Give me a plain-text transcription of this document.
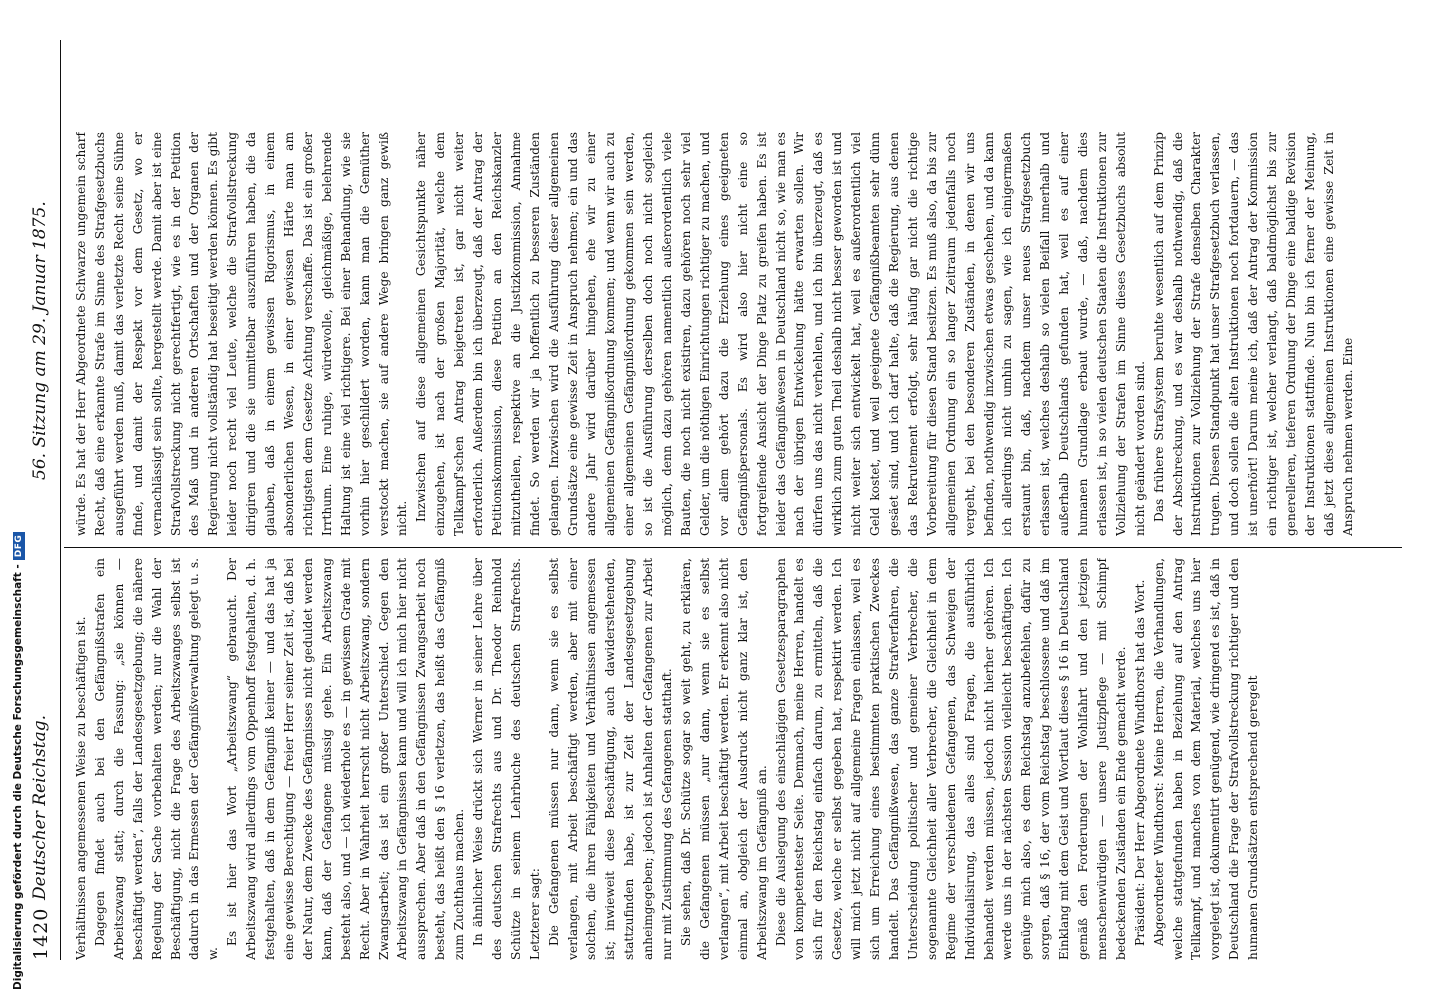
1420
Deutscher Reichstag.
56. Sitzung am 29. Januar 1875.

Verhältnissen angemessenen Weise zu beschäftigen ist. Dagegen findet auch bei den Gefängnißstrafen ein Arbeitszwang statt; durch die Fassung: „sie können — beschäftigt werden“, falls der Landesgesetzgebung; die nähere Regelung der Sache vorbehalten werden; nur die Wahl der Beschäftigung, nicht die Frage des Arbeitszwanges selbst ist dadurch in das Ermessen der Gefängnißverwaltung gelegt u. s. w.

Es ist hier das Wort „Arbeitszwang“ gebraucht. Der Arbeitszwang wird allerdings vom Oppenhoff festgehalten, d. h. festgehalten, daß in dem Gefängniß keiner — und das hat ja eine gewisse Berechtigung — freier Herr seiner Zeit ist, daß bei der Natur, dem Zwecke des Gefängnisses nicht geduldet werden kann, daß der Gefangene müssig gehe. Ein Arbeitszwang besteht also, und — ich wiederhole es — in gewissem Grade mit Recht. Aber in Wahrheit herrscht nicht Arbeitszwang, sondern Zwangsarbeit; das ist ein großer Unterschied. Gegen den Arbeitszwang in Gefängnissen kann und will ich mich hier nicht aussprechen. Aber daß in den Gefängnissen Zwangsarbeit noch besteht, das heißt den § 16 verletzen, das heißt das Gefängniß zum Zuchthaus machen. In ähnlicher Weise drückt sich Werner in seiner Lehre über des deutschen Strafrechts aus und Dr. Theodor Reinhold Schütze in seinem Lehrbuche des deutschen Strafrechts. Letzterer sagt: Die Gefangenen müssen nur dann, wenn sie es selbst verlangen, mit Arbeit beschäftigt werden, aber mit einer solchen, die ihren Fähigkeiten und Verhältnissen angemessen ist; inwieweit diese Beschäftigung, auch dawiderstehenden, stattzufinden habe, ist zur Zeit der Landesgesetzgebung anheimgegeben; jedoch ist Anhalten der Gefangenen zur Arbeit nur mit Zustimmung des Gefangenen statthaft. Sie sehen, daß Dr. Schütze sogar so weit geht, zu erklären, die Gefangenen müssen „nur dann, wenn sie es selbst verlangen“, mit Arbeit beschäftigt werden. Er erkennt also nicht einmal an, obgleich der Ausdruck nicht ganz klar ist, den Arbeitszwang im Gefängniß an. Diese die Auslegung des einschlägigen Gesetzesparagraphen von kompetentester Seite. Demnach, meine Herren, handelt es sich für den Reichstag einfach darum, zu ermitteln, daß die Gesetze, welche er selbst gegeben hat, respektirt werden. Ich will mich jetzt nicht auf allgemeine Fragen einlassen, weil es sich um Erreichung eines bestimmten praktischen Zweckes handelt. Das Gefängnißwesen, das ganze Strafverfahren, die Unterscheidung politischer und gemeiner Verbrecher, die sogenannte Gleichheit aller Verbrecher, die Gleichheit in dem Regime der verschiedenen Gefangenen, das Schweigen der Individualisirung, das alles sind Fragen, die ausführlich behandelt werden müssen, jedoch nicht hierher gehören. Ich werde uns in der nächsten Session vielleicht beschäftigen. Ich genüge mich also, es dem Reichstag anzubefehlen, dafür zu sorgen, daß § 16, der vom Reichstag beschlossene und daß im Einklang mit dem Geist und Wortlaut dieses § 16 in Deutschland gemäß den Forderungen der Wohlfahrt und den jetzigen menschenwürdigen — unsere Justizpflege — mit Schimpf bedeckenden Zuständen ein Ende gemacht werde. Präsident: Der Herr Abgeordnete Windthorst hat das Wort. Abgeordneter Windthorst: Meine Herren, die Verhandlungen, welche stattgefunden haben in Beziehung auf den Antrag Tellkampf, und manches von dem Material, welches uns hier vorgelegt ist, dokumentirt genügend, wie dringend es ist, daß in Deutschland die Frage der Strafvollstreckung richtiger und den humanen Grundsätzen entsprechend geregelt

würde. Es hat der Herr Abgeordnete Schwarze ungemein scharf Recht, daß eine erkannte Strafe im Sinne des Strafgesetzbuchs ausgeführt werden muß, damit das verletzte Recht seine Sühne finde, und damit der Respekt vor dem Gesetz, wo er vernachlässigt sein sollte, hergestellt werde. Damit aber ist eine Strafvollstreckung nicht gerechtfertigt, wie es in der Petition des Maß und in anderen Ortschaften und der Organen der Regierung nicht vollständig hat beseitigt werden können. Es gibt leider noch recht viel Leute, welche die Strafvollstreckung dirigiren und die sie unmittelbar auszuführen haben, die da glauben, daß in einem gewissen Rigorismus, in einem absonderlichen Wesen, in einer gewissen Härte man am richtigsten dem Gesetze Achtung verschaffe. Das ist ein großer Irrthum. Eine ruhige, würdevolle, gleichmäßige, belehrende Haltung ist eine viel richtigere. Bei einer Behandlung, wie sie vorhin hier geschildert worden, kann man die Gemüther verstockt machen, sie auf andere Wege bringen ganz gewiß nicht. Inzwischen auf diese allgemeinen Gesichtspunkte näher einzugehen, ist nach der großen Majorität, welche dem Tellkampf'schen Antrag beigetreten ist, gar nicht weiter erforderlich. Außerdem bin ich überzeugt, daß der Antrag der Petitionskommission, diese Petition an den Reichskanzler mitzutheilen, respektive an die Justizkommission, Annahme findet. So werden wir ja hoffentlich zu besseren Zuständen gelangen. Inzwischen wird die Ausführung dieser allgemeinen Grundsätze eine gewisse Zeit in Anspruch nehmen; ein und das andere Jahr wird darüber hingehen, ehe wir zu einer allgemeinen Gefängnißordnung kommen; und wenn wir auch zu einer allgemeinen Gefängnißordnung gekommen sein werden, so ist die Ausführung derselben doch noch nicht sogleich möglich, denn dazu gehören namentlich außerordentlich viele Bauten, die noch nicht existiren, dazu gehören noch sehr viel Gelder, um die nöthigen Einrichtungen richtiger zu machen, und vor allem gehört dazu die Erziehung eines geeigneten Gefängnißpersonals. Es wird also hier nicht eine so fortgreifende Ansicht der Dinge Platz zu greifen haben. Es ist leider das Gefängnißwesen in Deutschland nicht so, wie man es nach der übrigen Entwickelung hätte erwarten sollen. Wir dürfen uns das nicht verhehlen, und ich bin überzeugt, daß es wirklich zum guten Theil deshalb nicht besser geworden ist und nicht weiter sich entwickelt hat, weil es außerordentlich viel Geld kostet, und weil geeignete Gefängnißbeamten sehr dünn gesäet sind, und ich darf halte, daß die Regierung, aus denen das Rekrutement erfolgt, sehr häufig gar nicht die richtige Vorbereitung für diesen Stand besitzen. Es muß also, da bis zur allgemeinen Ordnung ein so langer Zeitraum jedenfalls noch vergeht, bei den besonderen Zuständen, in denen wir uns befinden, nothwendig inzwischen etwas geschehen, und da kann ich allerdings nicht umhin zu sagen, wie ich einigermaßen erstaunt bin, daß, nachdem unser neues Strafgesetzbuch erlassen ist, welches deshalb so vielen Beifall innerhalb und außerhalb Deutschlands gefunden hat, weil es auf einer humanen Grundlage erbaut wurde, — daß, nachdem dies erlassen ist, in so vielen deutschen Staaten die Instruktionen zur Vollziehung der Strafen im Sinne dieses Gesetzbuchs absolut nicht geändert worden sind. Das frühere Strafsystem beruhte wesentlich auf dem Prinzip der Abschreckung, und es war deshalb nothwendig, daß die Instruktionen zur Vollziehung der Strafe denselben Charakter trugen. Diesen Standpunkt hat unser Strafgesetzbuch verlassen, und doch sollen die alten Instruktionen noch fortdauern, — das ist unerhört! Darum meine ich, daß der Antrag der Kommission ein richtiger ist, welcher verlangt, daß baldmöglichst bis zur generelleren, tieferen Ordnung der Dinge eine baldige Revision der Instruktionen stattfinde. Nun bin ich ferner der Meinung, daß jetzt diese allgemeinen Instruktionen eine gewisse Zeit in Anspruch nehmen werden. Eine

Digitalisierung gefördert durch die Deutsche Forschungsgemeinschaft -DFG
